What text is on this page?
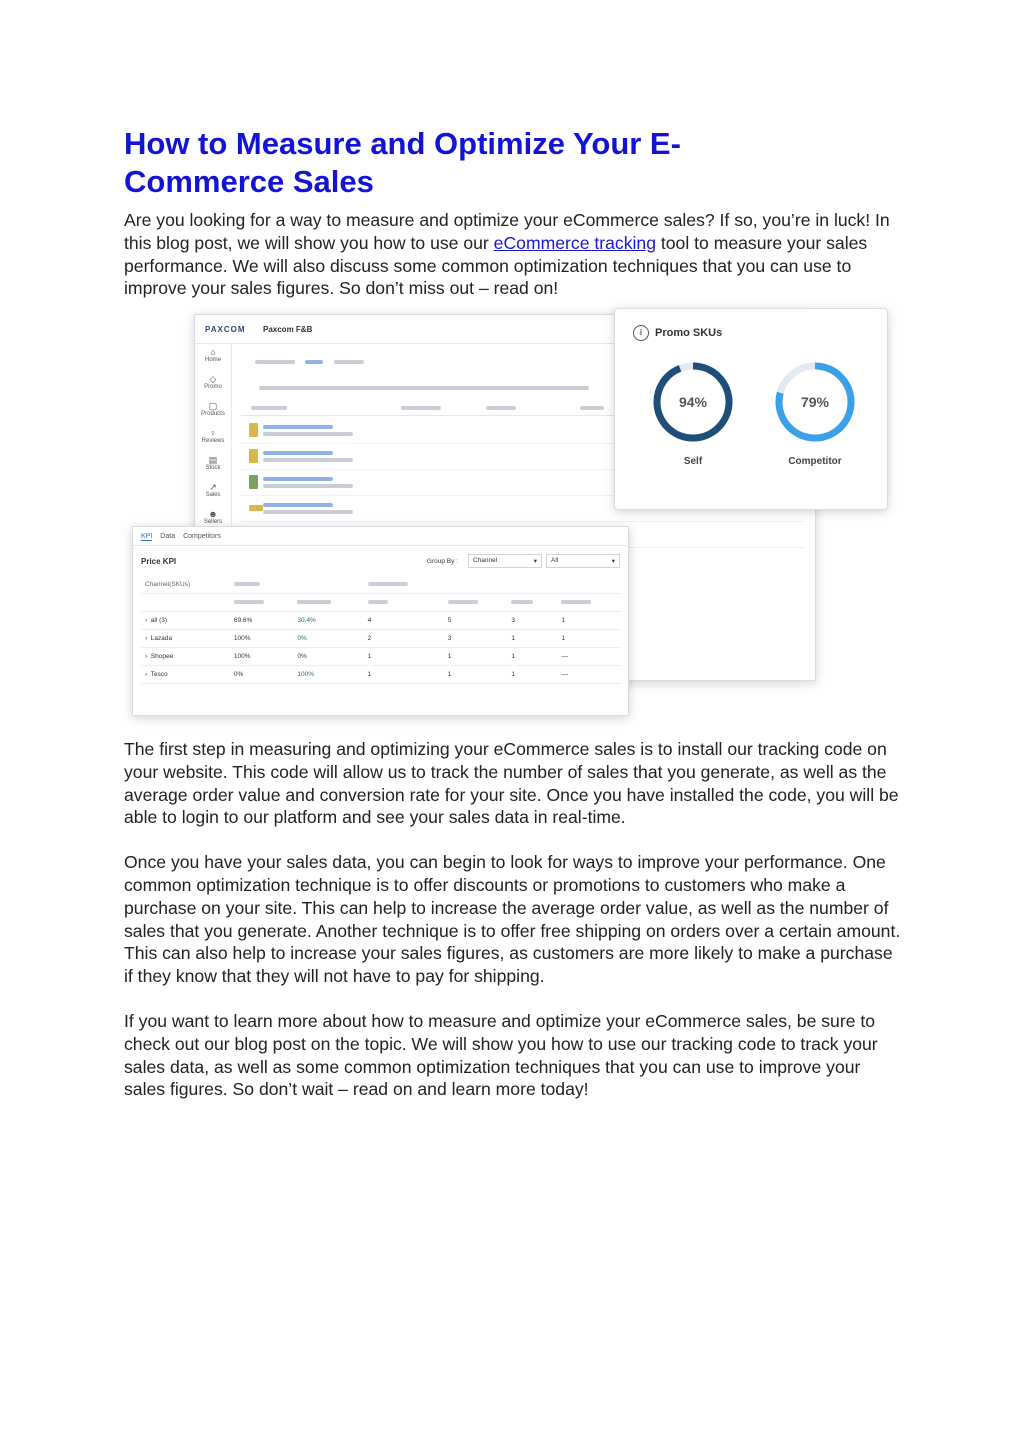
How to Measure and Optimize Your E-Commerce Sales

Are you looking for a way to measure and optimize your eCommerce sales? If so, you’re in luck! In this blog post, we will show you how to use our eCommerce tracking tool to measure your sales performance. We will also discuss some common optimization techniques that you can use to improve your sales figures. So don’t miss out – read on!

PAXCOM	Paxcom F&B
⌂
Home
◇
Promo
▢
Products
♀
Reviews
▤
Stock
↗
Sales
☻
Sellers

i	Promo SKUs
94%
Self
79%
Competitor
KPI Data Competitors
Price KPI	Group By :	Channel	▾	All	▾
Channel(SKUs)						

› all (3)	69.6%	30.4%	4	5	3	1
› Lazada	100%	0%	2	3	1	1
› Shopee	100%	0%	1	1	1	—
› Tesco	0%	100%	1	1	1	—

The first step in measuring and optimizing your eCommerce sales is to install our tracking code on your website. This code will allow us to track the number of sales that you generate, as well as the average order value and conversion rate for your site. Once you have installed the code, you will be able to login to our platform and see your sales data in real-time.

Once you have your sales data, you can begin to look for ways to improve your performance. One common optimization technique is to offer discounts or promotions to customers who make a purchase on your site. This can help to increase the average order value, as well as the number of sales that you generate. Another technique is to offer free shipping on orders over a certain amount. This can also help to increase your sales figures, as customers are more likely to make a purchase if they know that they will not have to pay for shipping.

If you want to learn more about how to measure and optimize your eCommerce sales, be sure to check out our blog post on the topic. We will show you how to use our tracking code to track your sales data, as well as some common optimization techniques that you can use to improve your sales figures. So don’t wait – read on and learn more today!
